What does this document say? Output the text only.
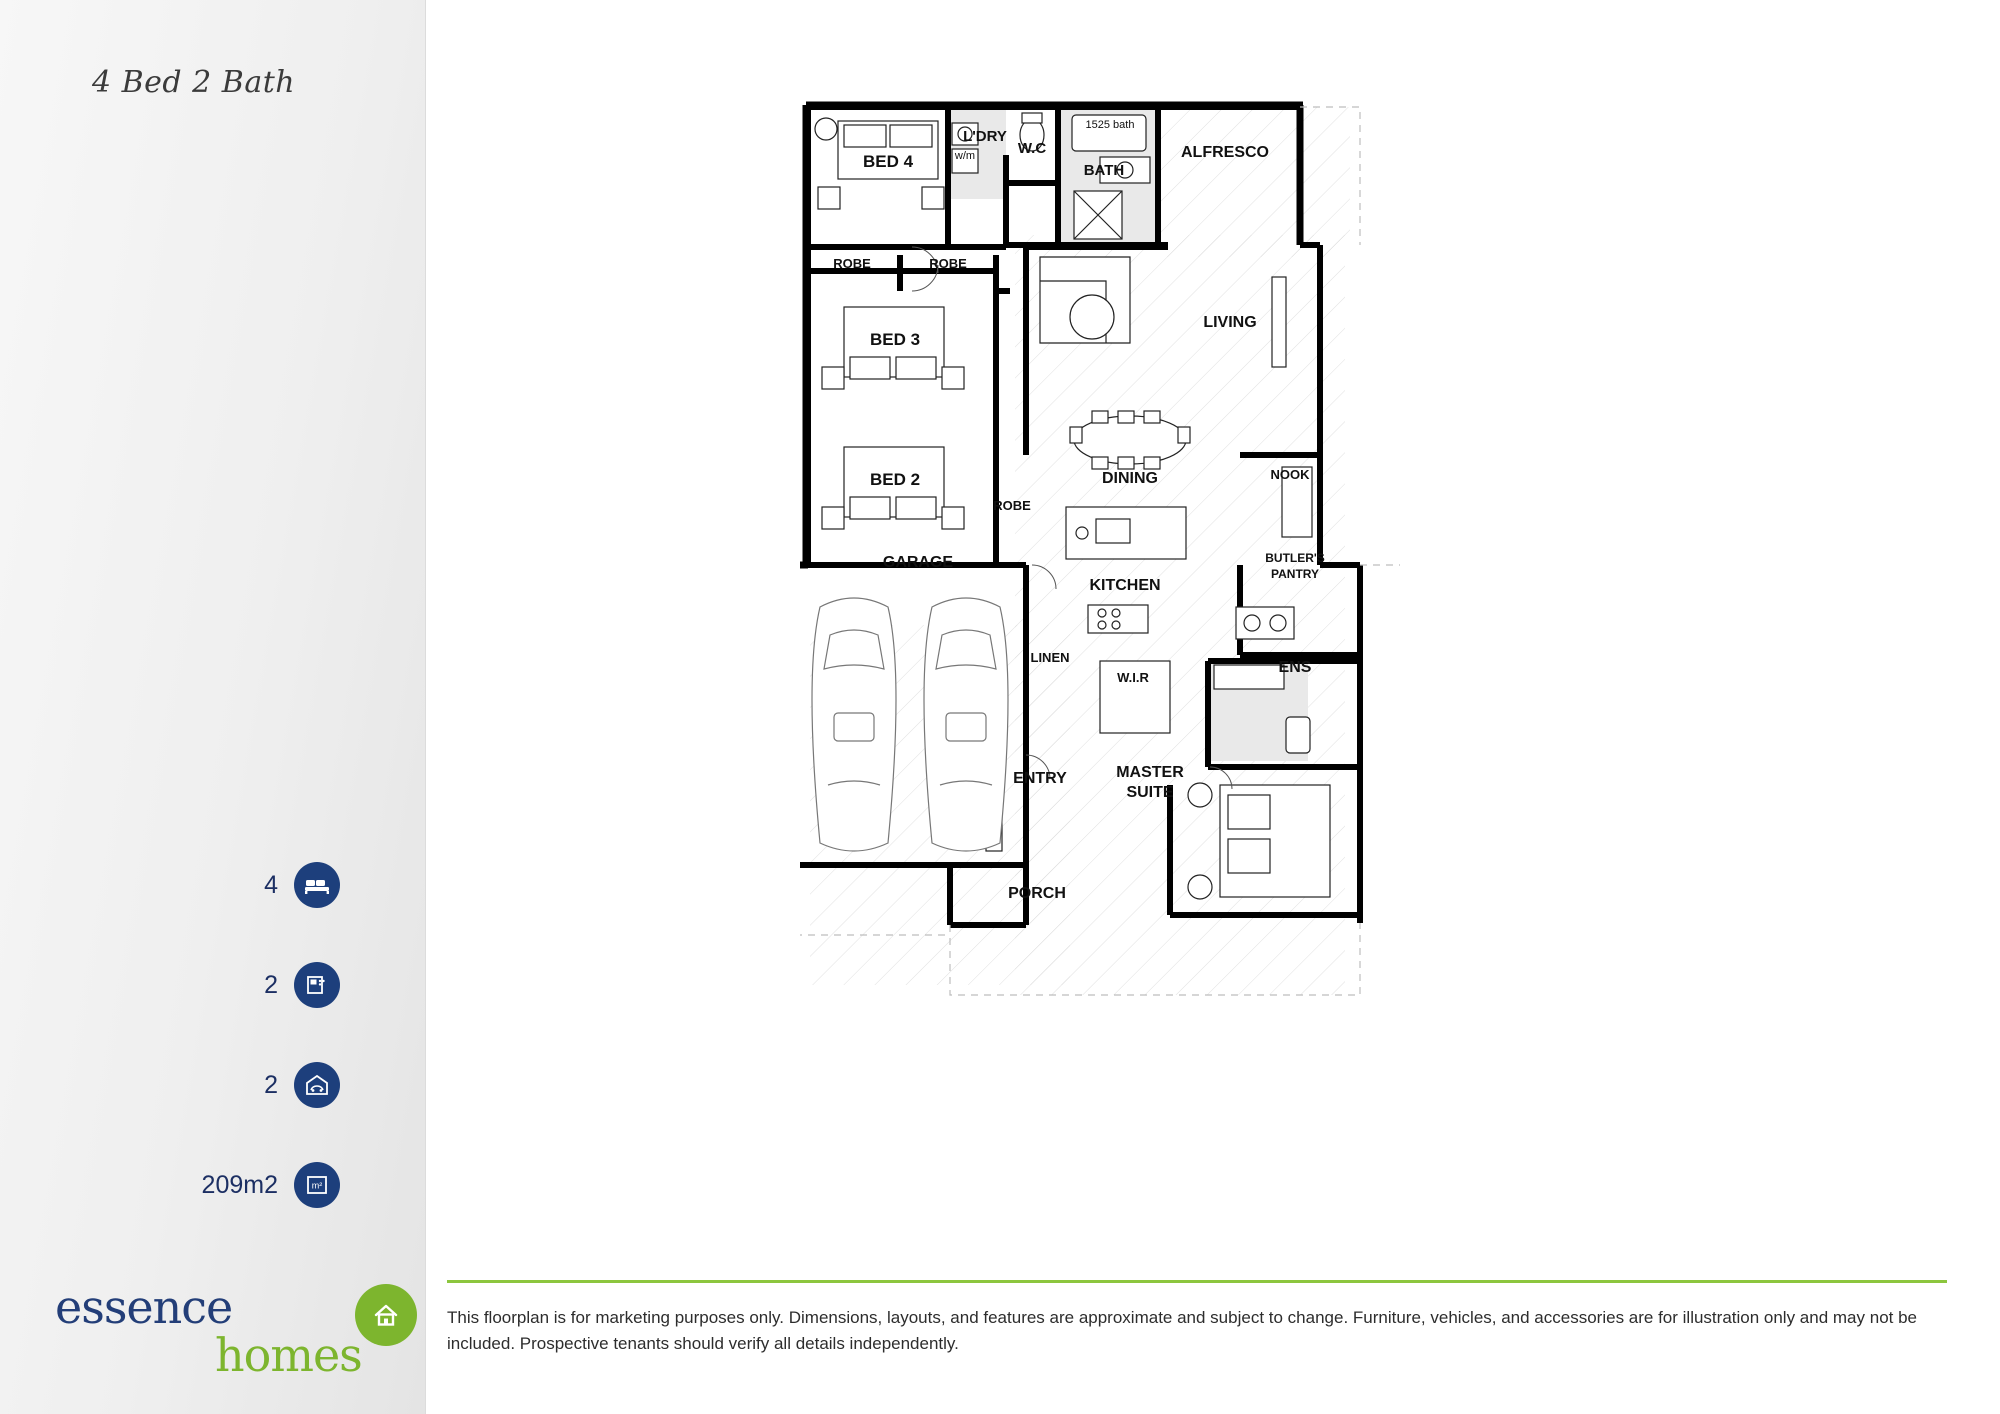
4 Bed 2 Bath
4
2
2
209m2	m²
essence
homes
This floorplan is for marketing purposes only. Dimensions, layouts, and features are approximate and subject to change. Furniture, vehicles, and accessories are for illustration only and may not be included. Prospective tenants should verify all details independently.
BED 4
L'DRY
w/m	W.C
BATH
1525 bath
ALFRESCO
ROBE	ROBE
BED 3
LIVING
BED 2
ROBE
DINING	NOOK
GARAGE	BUTLER'S
PANTRY
KITCHEN
LINEN
ENS
W.I.R
ENTRY	MASTER
SUITE
PORCH
